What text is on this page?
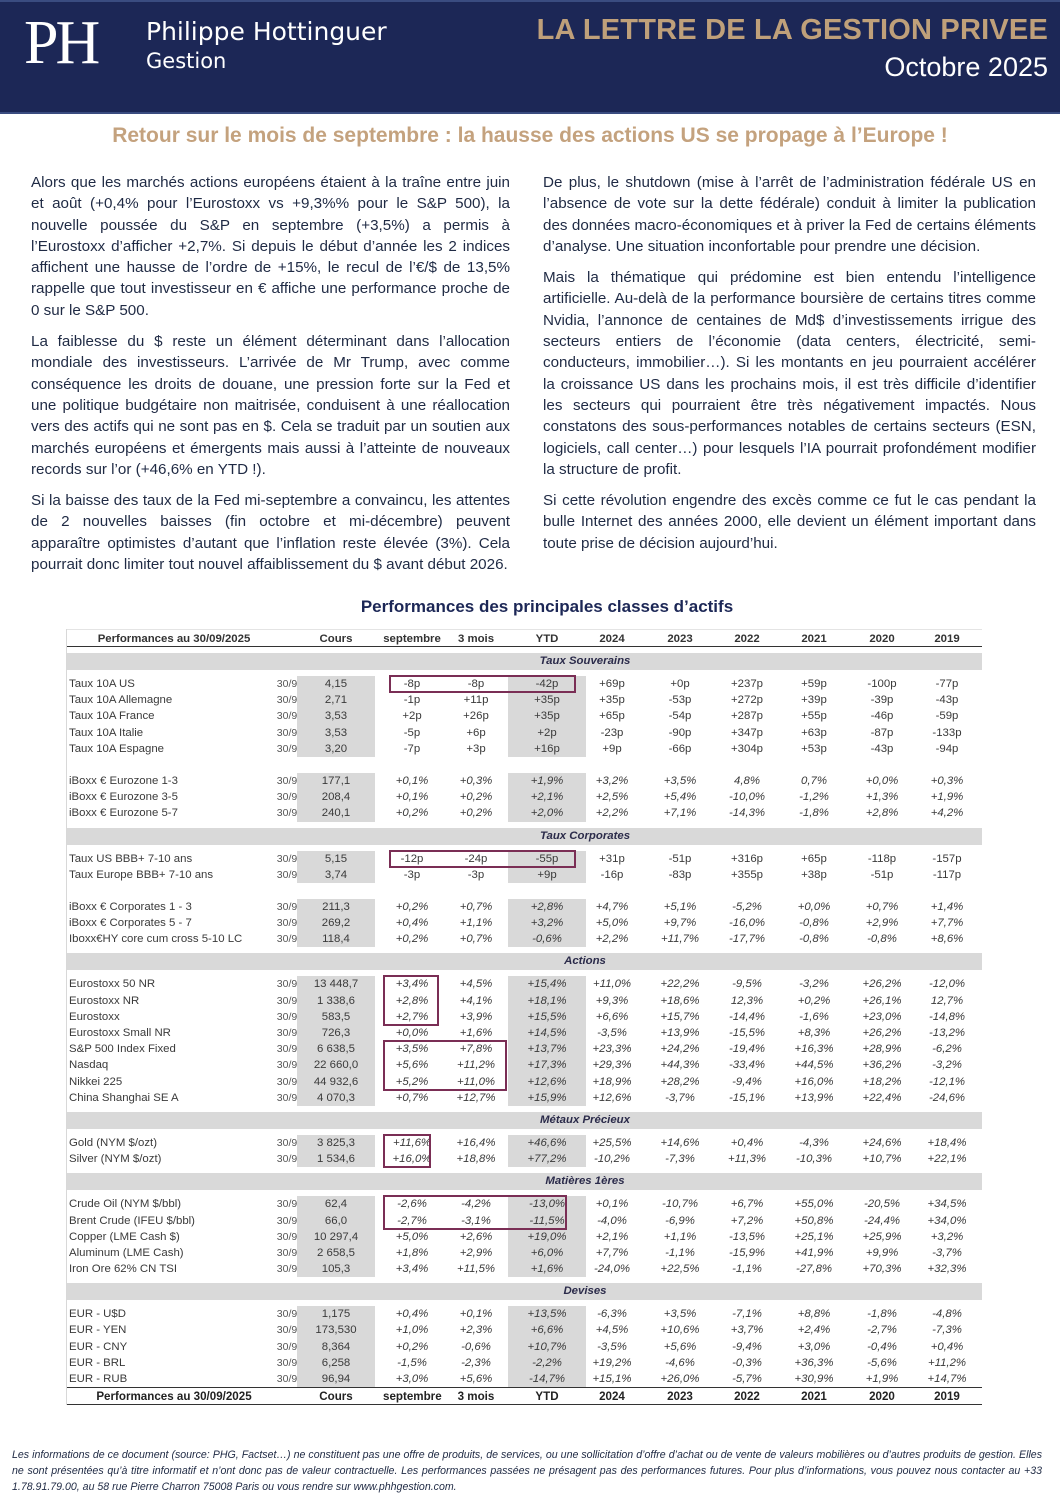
PH Philippe Hottinguer
Gestion
LA LETTRE DE LA GESTION PRIVEE
Octobre 2025
Retour sur le mois de septembre : la hausse des actions US se propage à l’Europe !

Alors que les marchés actions européens étaient à la traîne entre juin et août (+0,4% pour l’Eurostoxx vs +9,3%% pour le S&P 500), la nouvelle poussée du S&P en septembre (+3,5%) a permis à l’Eurostoxx d’afficher +2,7%. Si depuis le début d’année les 2 indices affichent une hausse de l’ordre de +15%, le recul de l’€/$ de 13,5% rappelle que tout investisseur en € affiche une performance proche de 0 sur le S&P 500.

La faiblesse du $ reste un élément déterminant dans l’allocation mondiale des investisseurs. L’arrivée de Mr Trump, avec comme conséquence les droits de douane, une pression forte sur la Fed et une politique budgétaire non maitrisée, conduisent à une réallocation vers des actifs qui ne sont pas en $. Cela se traduit par un soutien aux marchés européens et émergents mais aussi à l’atteinte de nouveaux records sur l’or (+46,6% en YTD !).

Si la baisse des taux de la Fed mi-septembre a convaincu, les attentes de 2 nouvelles baisses (fin octobre et mi-décembre) peuvent apparaître optimistes d’autant que l’inflation reste élevée (3%). Cela pourrait donc limiter tout nouvel affaiblissement du $ avant début 2026.

De plus, le shutdown (mise à l’arrêt de l’administration fédérale US en l’absence de vote sur la dette fédérale) conduit à limiter la publication des données macro-économiques et à priver la Fed de certains éléments d’analyse. Une situation inconfortable pour prendre une décision.

Mais la thématique qui prédomine est bien entendu l’intelligence artificielle. Au-delà de la performance boursière de certains titres comme Nvidia, l’annonce de centaines de Md$ d’investissements irrigue des secteurs entiers de l’économie (data centers, électricité, semi-conducteurs, immobilier…). Si les montants en jeu pourraient accélérer la croissance US dans les prochains mois, il est très difficile d’identifier les secteurs qui pourraient être très négativement impactés. Nous constatons des sous-performances notables de certains secteurs (ESN, logiciels, call center…) pour lesquels l’IA pourrait profondément modifier la structure de profit.

Si cette révolution engendre des excès comme ce fut le cas pendant la bulle Internet des années 2000, elle devient un élément important dans toute prise de décision aujourd’hui.

Performances des principales classes d’actifs
Performances au 30/09/2025	Cours	septembre	3 mois	YTD	2024	2023	2022	2021	2020	2019
Taux Souverains
Taux 10A US	30/9	4,15	-8p	-8p	-42p	+69p	+0p	+237p	+59p	-100p	-77p
Taux 10A Allemagne	30/9	2,71	-1p	+11p	+35p	+35p	-53p	+272p	+39p	-39p	-43p
Taux 10A France	30/9	3,53	+2p	+26p	+35p	+65p	-54p	+287p	+55p	-46p	-59p
Taux 10A Italie	30/9	3,53	-5p	+6p	+2p	-23p	-90p	+347p	+63p	-87p	-133p
Taux 10A Espagne	30/9	3,20	-7p	+3p	+16p	+9p	-66p	+304p	+53p	-43p	-94p
iBoxx € Eurozone 1-3	30/9	177,1	+0,1%	+0,3%	+1,9%	+3,2%	+3,5%	4,8%	0,7%	+0,0%	+0,3%
iBoxx € Eurozone 3-5	30/9	208,4	+0,1%	+0,2%	+2,1%	+2,5%	+5,4%	-10,0%	-1,2%	+1,3%	+1,9%
iBoxx € Eurozone 5-7	30/9	240,1	+0,2%	+0,2%	+2,0%	+2,2%	+7,1%	-14,3%	-1,8%	+2,8%	+4,2%
Taux Corporates
Taux US BBB+ 7-10 ans	30/9	5,15	-12p	-24p	-55p	+31p	-51p	+316p	+65p	-118p	-157p
Taux Europe BBB+ 7-10 ans	30/9	3,74	-3p	-3p	+9p	-16p	-83p	+355p	+38p	-51p	-117p
iBoxx € Corporates 1 - 3	30/9	211,3	+0,2%	+0,7%	+2,8%	+4,7%	+5,1%	-5,2%	+0,0%	+0,7%	+1,4%
iBoxx € Corporates 5 - 7	30/9	269,2	+0,4%	+1,1%	+3,2%	+5,0%	+9,7%	-16,0%	-0,8%	+2,9%	+7,7%
Iboxx€HY core cum cross 5-10 LC	30/9	118,4	+0,2%	+0,7%	-0,6%	+2,2%	+11,7%	-17,7%	-0,8%	-0,8%	+8,6%
Actions
Eurostoxx 50 NR	30/9	13 448,7	+3,4%	+4,5%	+15,4%	+11,0%	+22,2%	-9,5%	-3,2%	+26,2%	-12,0%
Eurostoxx NR	30/9	1 338,6	+2,8%	+4,1%	+18,1%	+9,3%	+18,6%	12,3%	+0,2%	+26,1%	12,7%
Eurostoxx	30/9	583,5	+2,7%	+3,9%	+15,5%	+6,6%	+15,7%	-14,4%	-1,6%	+23,0%	-14,8%
Eurostoxx Small NR	30/9	726,3	+0,0%	+1,6%	+14,5%	-3,5%	+13,9%	-15,5%	+8,3%	+26,2%	-13,2%
S&P 500 Index Fixed	30/9	6 638,5	+3,5%	+7,8%	+13,7%	+23,3%	+24,2%	-19,4%	+16,3%	+28,9%	-6,2%
Nasdaq	30/9	22 660,0	+5,6%	+11,2%	+17,3%	+29,3%	+44,3%	-33,4%	+44,5%	+36,2%	-3,2%
Nikkei 225	30/9	44 932,6	+5,2%	+11,0%	+12,6%	+18,9%	+28,2%	-9,4%	+16,0%	+18,2%	-12,1%
China Shanghai SE A	30/9	4 070,3	+0,7%	+12,7%	+15,9%	+12,6%	-3,7%	-15,1%	+13,9%	+22,4%	-24,6%
Métaux Précieux
Gold (NYM $/ozt)	30/9	3 825,3	+11,6%	+16,4%	+46,6%	+25,5%	+14,6%	+0,4%	-4,3%	+24,6%	+18,4%
Silver (NYM $/ozt)	30/9	1 534,6	+16,0%	+18,8%	+77,2%	-10,2%	-7,3%	+11,3%	-10,3%	+10,7%	+22,1%
Matières 1ères
Crude Oil (NYM $/bbl)	30/9	62,4	-2,6%	-4,2%	-13,0%	+0,1%	-10,7%	+6,7%	+55,0%	-20,5%	+34,5%
Brent Crude (IFEU $/bbl)	30/9	66,0	-2,7%	-3,1%	-11,5%	-4,0%	-6,9%	+7,2%	+50,8%	-24,4%	+34,0%
Copper (LME Cash $)	30/9	10 297,4	+5,0%	+2,6%	+19,0%	+2,1%	+1,1%	-13,5%	+25,1%	+25,9%	+3,2%
Aluminum (LME Cash)	30/9	2 658,5	+1,8%	+2,9%	+6,0%	+7,7%	-1,1%	-15,9%	+41,9%	+9,9%	-3,7%
Iron Ore 62% CN TSI	30/9	105,3	+3,4%	+11,5%	+1,6%	-24,0%	+22,5%	-1,1%	-27,8%	+70,3%	+32,3%
Devises
EUR - U$D	30/9	1,175	+0,4%	+0,1%	+13,5%	-6,3%	+3,5%	-7,1%	+8,8%	-1,8%	-4,8%
EUR - YEN	30/9	173,530	+1,0%	+2,3%	+6,6%	+4,5%	+10,6%	+3,7%	+2,4%	-2,7%	-7,3%
EUR - CNY	30/9	8,364	+0,2%	-0,6%	+10,7%	-3,5%	+5,6%	-9,4%	+3,0%	-0,4%	+0,4%
EUR - BRL	30/9	6,258	-1,5%	-2,3%	-2,2%	+19,2%	-4,6%	-0,3%	+36,3%	-5,6%	+11,2%
EUR - RUB	30/9	96,94	+3,0%	+5,6%	-14,7%	+15,1%	+26,0%	-5,7%	+30,9%	+1,9%	+14,7%
Performances au 30/09/2025	Cours	septembre	3 mois	YTD	2024	2023	2022	2021	2020	2019
Les informations de ce document (source: PHG, Factset…) ne constituent pas une offre de produits, de services, ou une sollicitation d’offre d’achat ou de vente de valeurs mobilières ou d’autres produits de gestion. Elles ne sont présentées qu’à titre informatif et n’ont donc pas de valeur contractuelle. Les performances passées ne présagent pas des performances futures. Pour plus d’informations, vous pouvez nous contacter au +33 1.78.91.79.00, au 58 rue Pierre Charron 75008 Paris ou vous rendre sur www.phhgestion.com.
